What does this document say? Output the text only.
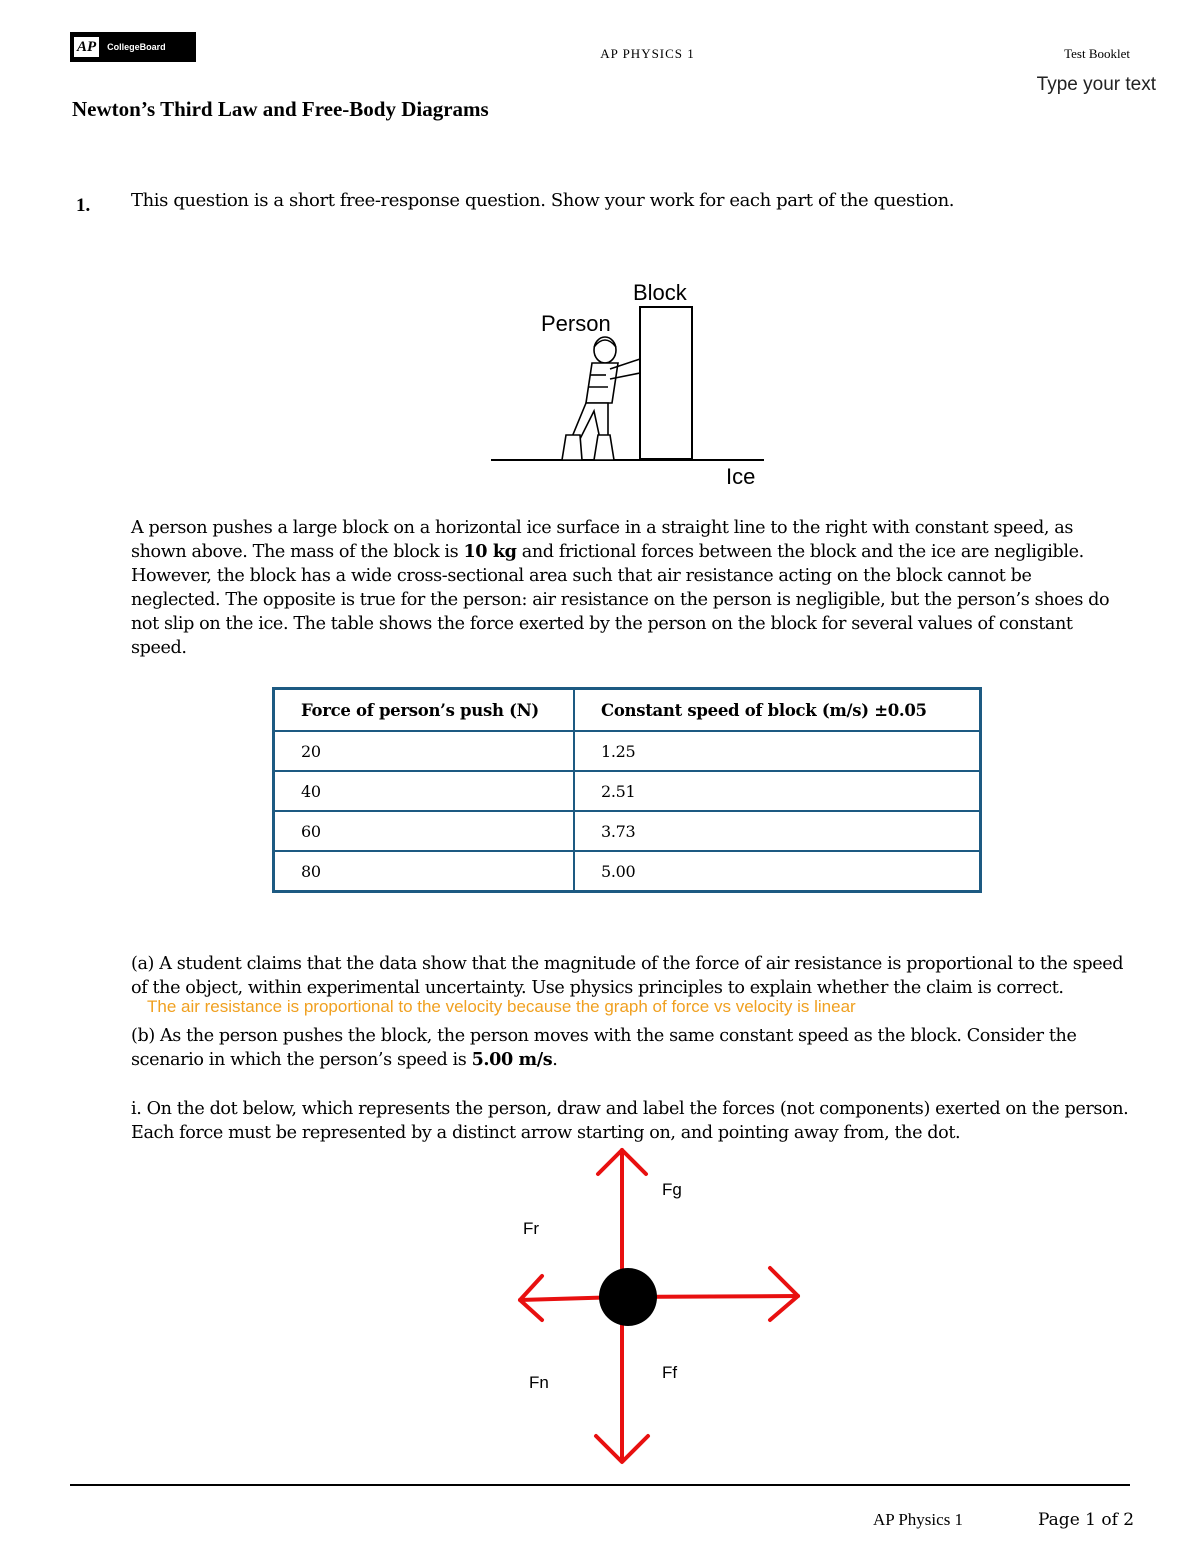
AP	CollegeBoard	AP PHYSICS 1	Test Booklet
Type your text
Newton’s Third Law and Free-Body Diagrams
1. This question is a short free-response question. Show your work for each part of the question.
Block
Person
Ice
A person pushes a large block on a horizontal ice surface in a straight line to the right with constant speed, as shown above. The mass of the block is 10 kg and frictional forces between the block and the ice are negligible. However, the block has a wide cross-sectional area such that air resistance acting on the block cannot be neglected. The opposite is true for the person: air resistance on the person is negligible, but the person’s shoes do not slip on the ice. The table shows the force exerted by the person on the block for several values of constant speed.
Force of person’s push (N)	Constant speed of block (m/s) ±0.05
20	1.25
40	2.51
60	3.73
80	5.00
(a) A student claims that the data show that the magnitude of the force of air resistance is proportional to the speed of the object, within experimental uncertainty. Use physics principles to explain whether the claim is correct.
The air resistance is proportional to the velocity because the graph of force vs velocity is linear
(b) As the person pushes the block, the person moves with the same constant speed as the block. Consider the scenario in which the person’s speed is 5.00 m/s.
i. On the dot below, which represents the person, draw and label the forces (not components) exerted on the person. Each force must be represented by a distinct arrow starting on, and pointing away from, the dot.
Fg
Fr
Fn
Ff
AP Physics 1	Page 1 of 2
